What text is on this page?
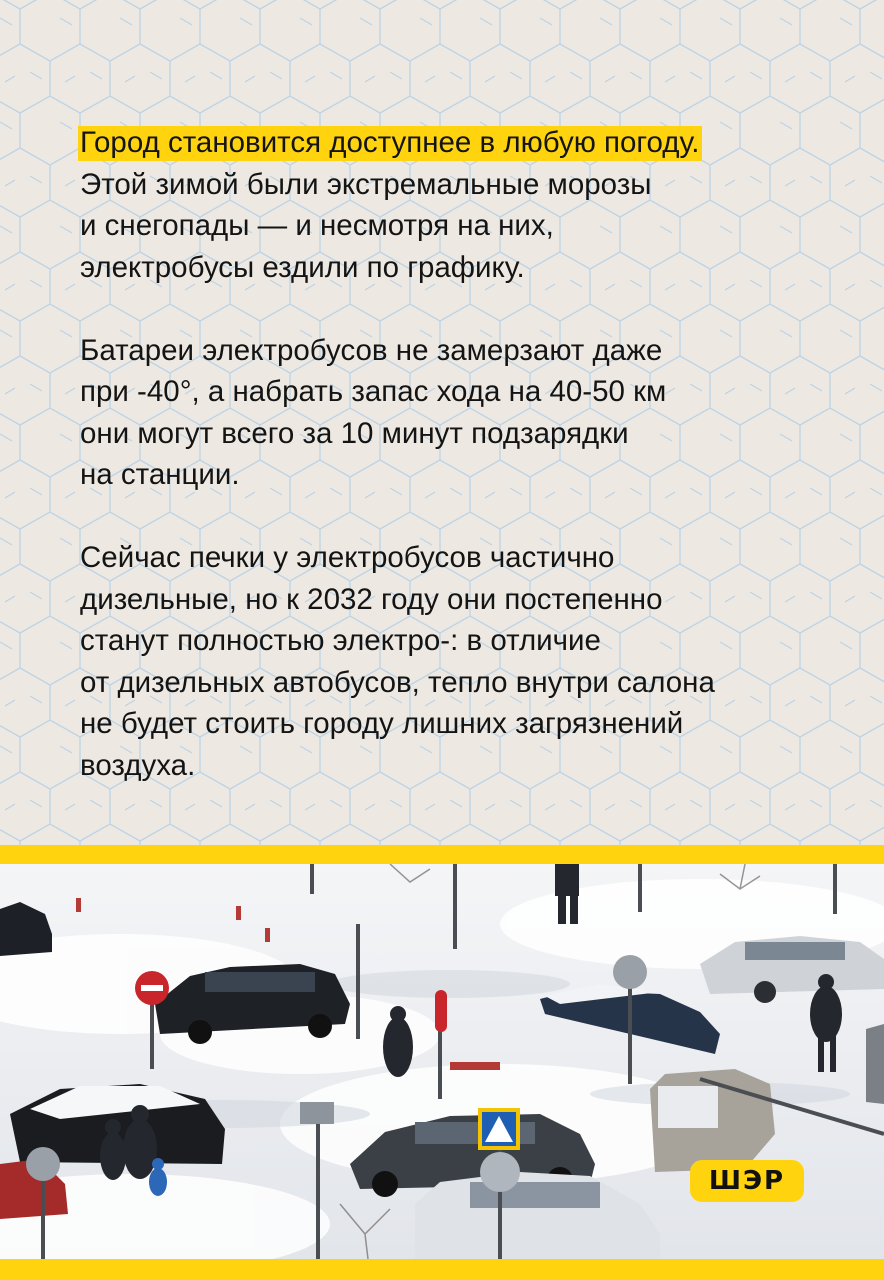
Город становится доступнее в любую погоду.
Этой зимой были экстремальные морозы
и снегопады — и несмотря на них,
электробусы ездили по графику.

Батареи электробусов не замерзают даже
при -40°, а набрать запас хода на 40-50 км
они могут всего за 10 минут подзарядки
на станции.

Сейчас печки у электробусов частично
дизельные, но к 2032 году они постепенно
станут полностью электро-: в отличие
от дизельных автобусов, тепло внутри салона
не будет стоить городу лишних загрязнений
воздуха.

ШЭР
